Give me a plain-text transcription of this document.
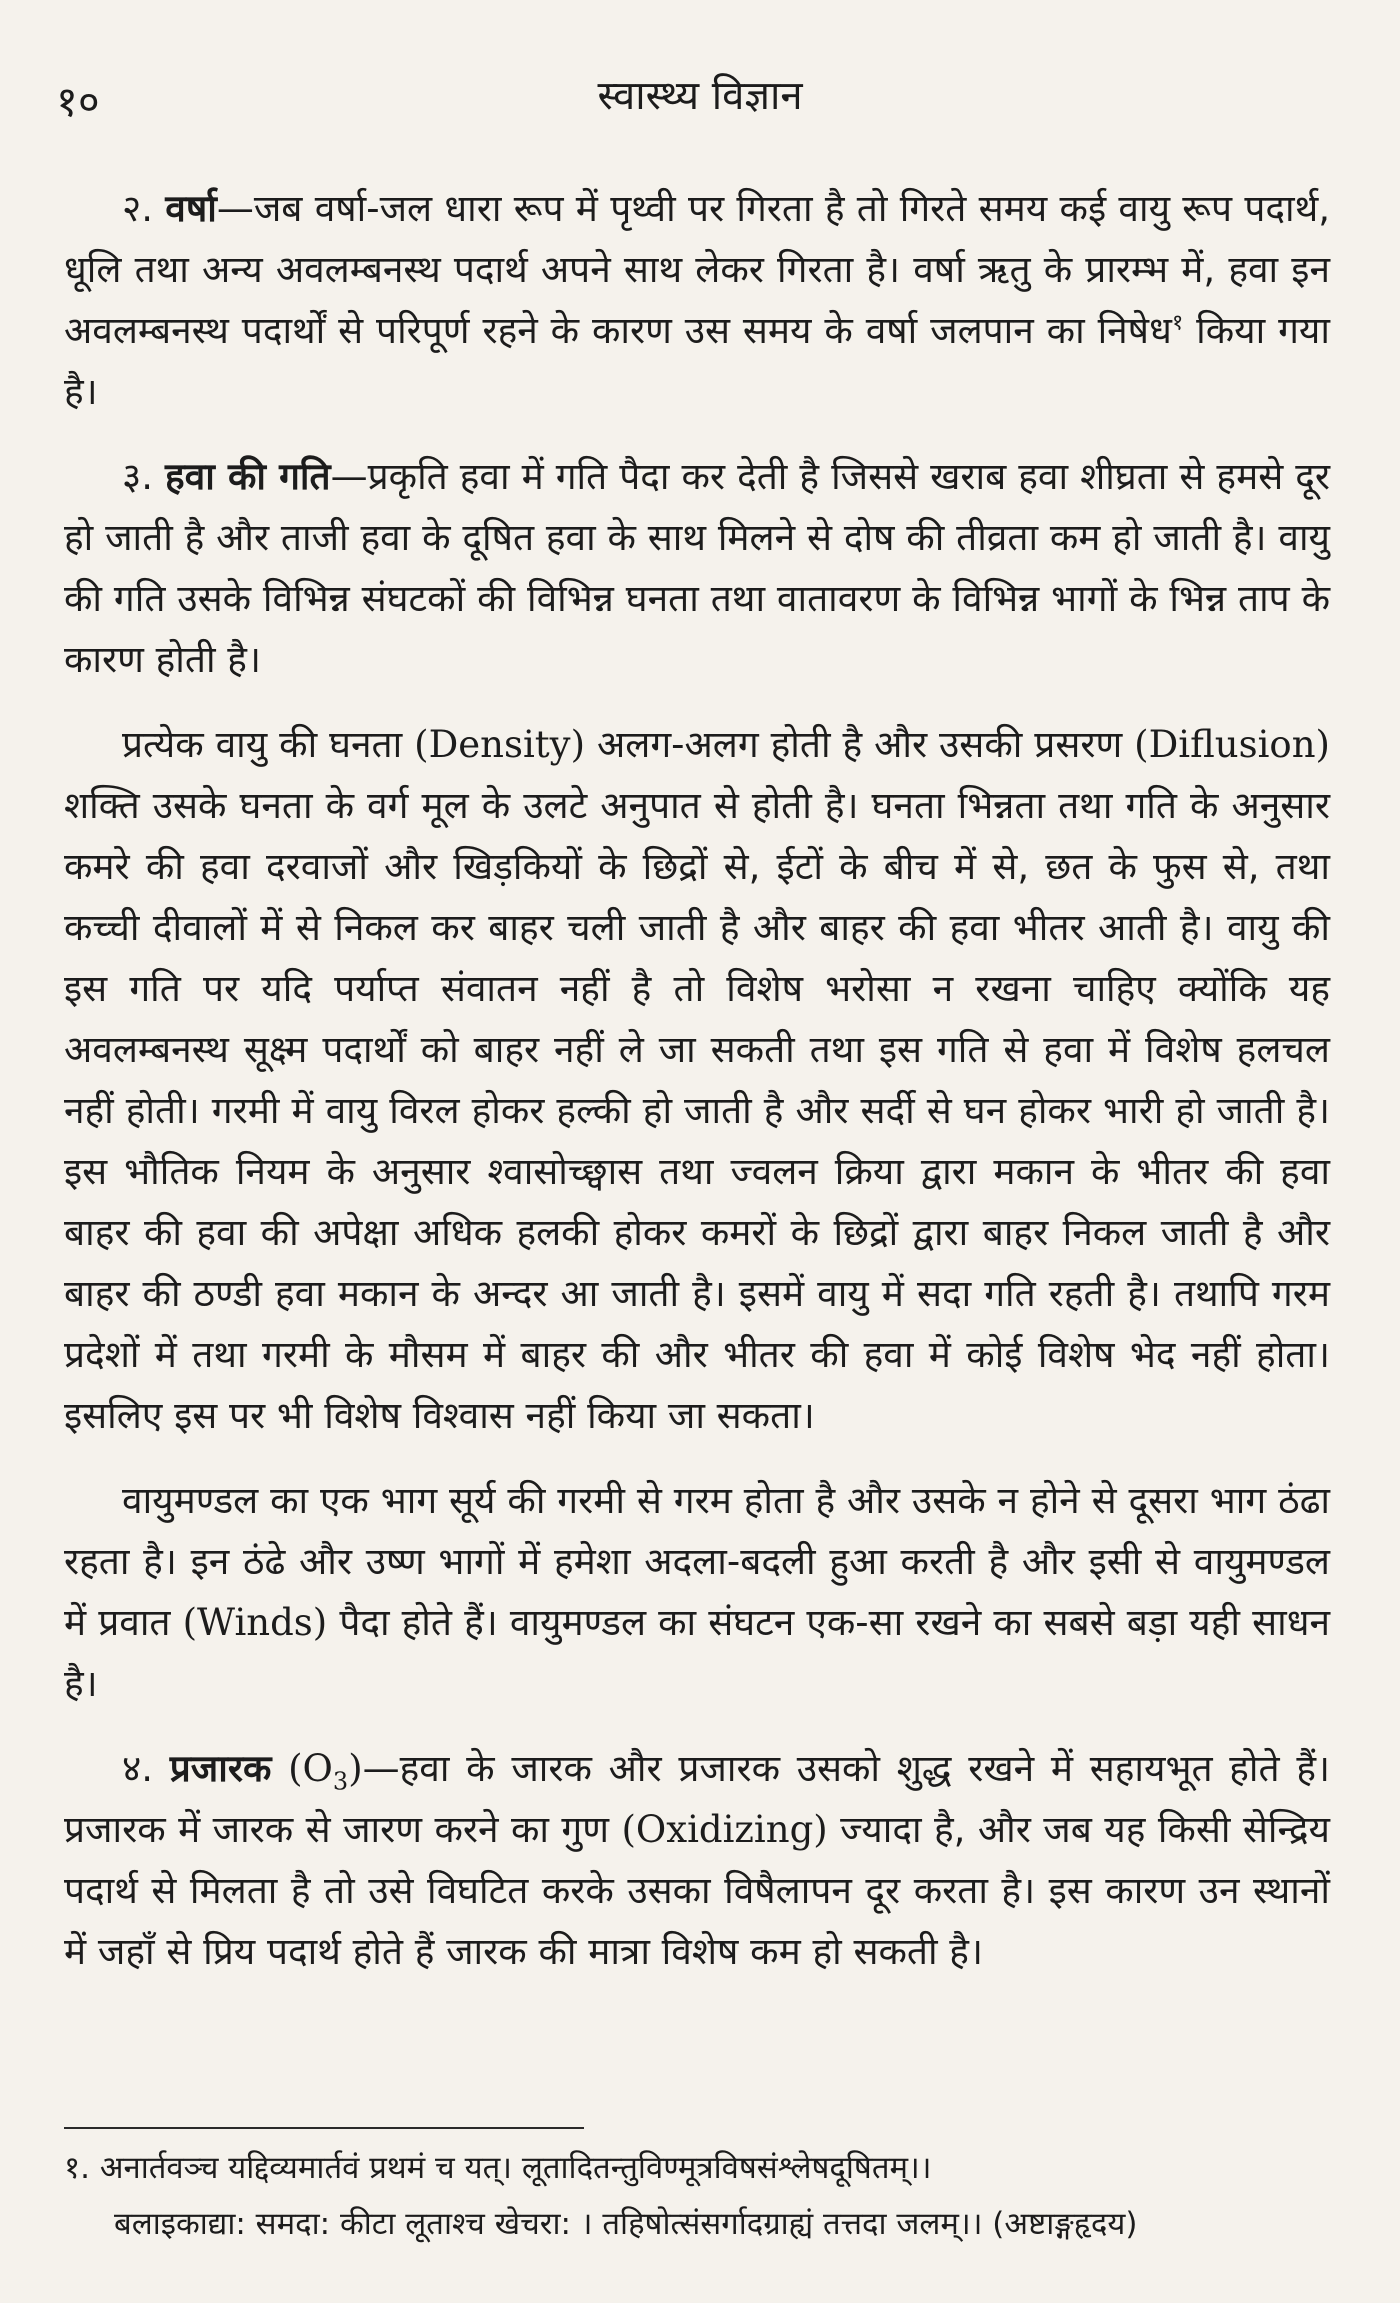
१०	स्वास्थ्य विज्ञान

२. वर्षा—जब वर्षा-जल धारा रूप में पृथ्वी पर गिरता है तो गिरते समय कई वायु रूप पदार्थ, धूलि तथा अन्य अवलम्बनस्थ पदार्थ अपने साथ लेकर गिरता है। वर्षा ऋतु के प्रारम्भ में, हवा इन अवलम्बनस्थ पदार्थों से परिपूर्ण रहने के कारण उस समय के वर्षा जलपान का निषेध$^१$ किया गया है।

३. हवा की गति—प्रकृति हवा में गति पैदा कर देती है जिससे खराब हवा शीघ्रता से हमसे दूर हो जाती है और ताजी हवा के दूषित हवा के साथ मिलने से दोष की तीव्रता कम हो जाती है। वायु की गति उसके विभिन्न संघटकों की विभिन्न घनता तथा वातावरण के विभिन्न भागों के भिन्न ताप के कारण होती है।

प्रत्येक वायु की घनता (Density) अलग-अलग होती है और उसकी प्रसरण (Diflusion) शक्ति उसके घनता के वर्ग मूल के उलटे अनुपात से होती है। घनता भिन्नता तथा गति के अनुसार कमरे की हवा दरवाजों और खिड़कियों के छिद्रों से, ईटों के बीच में से, छत के फुस से, तथा कच्ची दीवालों में से निकल कर बाहर चली जाती है और बाहर की हवा भीतर आती है। वायु की इस गति पर यदि पर्याप्त संवातन नहीं है तो विशेष भरोसा न रखना चाहिए क्योंकि यह अवलम्बनस्थ सूक्ष्म पदार्थों को बाहर नहीं ले जा सकती तथा इस गति से हवा में विशेष हलचल नहीं होती। गरमी में वायु विरल होकर हल्की हो जाती है और सर्दी से घन होकर भारी हो जाती है। इस भौतिक नियम के अनुसार श्वासोच्छ्वास तथा ज्वलन क्रिया द्वारा मकान के भीतर की हवा बाहर की हवा की अपेक्षा अधिक हलकी होकर कमरों के छिद्रों द्वारा बाहर निकल जाती है और बाहर की ठण्डी हवा मकान के अन्दर आ जाती है। इसमें वायु में सदा गति रहती है। तथापि गरम प्रदेशों में तथा गरमी के मौसम में बाहर की और भीतर की हवा में कोई विशेष भेद नहीं होता। इसलिए इस पर भी विशेष विश्वास नहीं किया जा सकता।

वायुमण्डल का एक भाग सूर्य की गरमी से गरम होता है और उसके न होने से दूसरा भाग ठंढा रहता है। इन ठंढे और उष्ण भागों में हमेशा अदला-बदली हुआ करती है और इसी से वायुमण्डल में प्रवात (Winds) पैदा होते हैं। वायुमण्डल का संघटन एक-सा रखने का सबसे बड़ा यही साधन है।

४. प्रजारक $(O_3)—हवा$ के जारक और प्रजारक उसको शुद्ध रखने में सहायभूत होते हैं। प्रजारक में जारक से जारण करने का गुण (Oxidizing) ज्यादा है, और जब यह किसी सेन्द्रिय पदार्थ से मिलता है तो उसे विघटित करके उसका विषैलापन दूर करता है। इस कारण उन स्थानों में जहाँ से प्रिय पदार्थ होते हैं जारक की मात्रा विशेष कम हो सकती है।

१. अनार्तवञ्च यद्दिव्यमार्तवं प्रथमं च यत्। लूतादितन्तुविण्मूत्रविषसंश्लेषदूषितम्।।
बलाइकाद्या: समदा: कीटा लूताश्च खेचरा: । तहिषोत्संसर्गादग्राह्यं तत्तदा जलम्।। (अष्टाङ्गहृदय)
